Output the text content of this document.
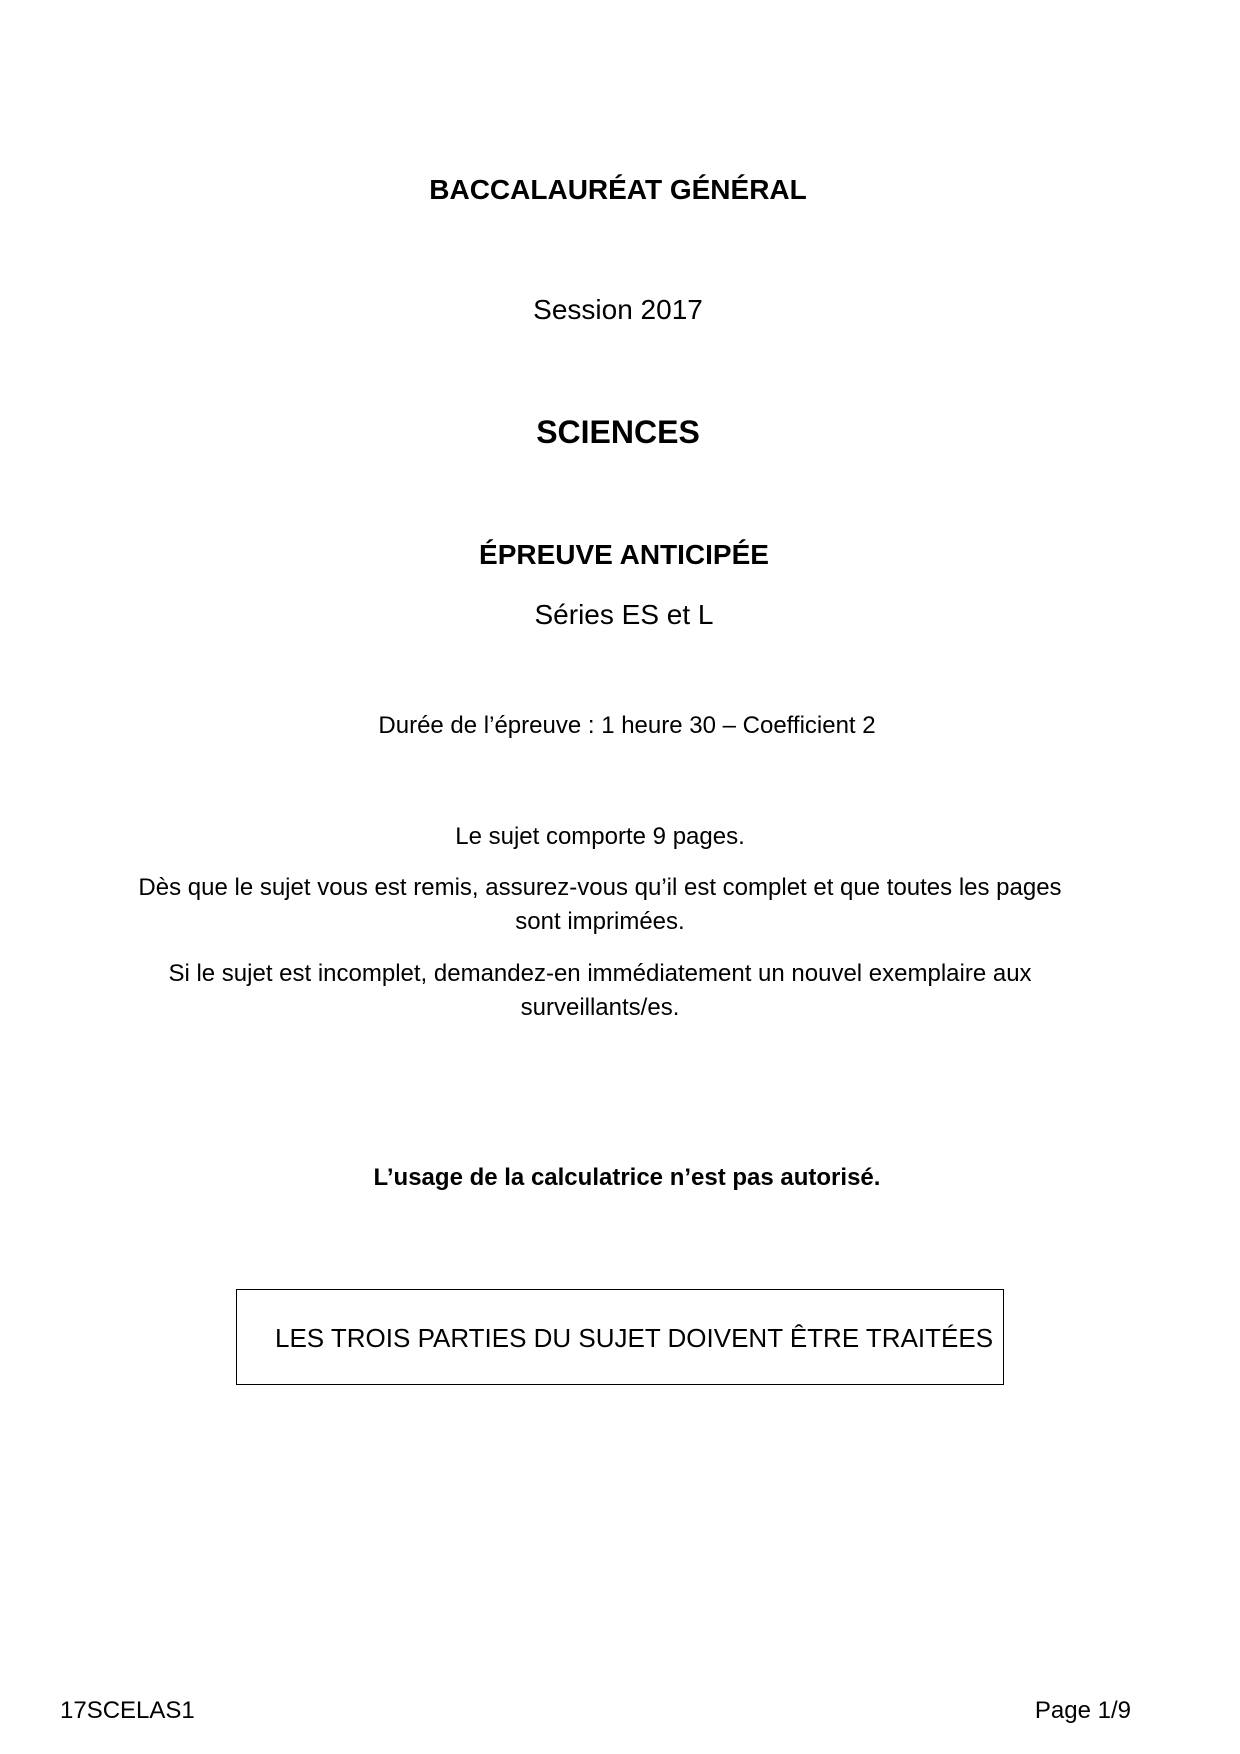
BACCALAURÉAT GÉNÉRAL
Session 2017
SCIENCES
ÉPREUVE ANTICIPÉE
Séries ES et L
Durée de l’épreuve : 1 heure 30 – Coefficient 2
Le sujet comporte 9 pages.
Dès que le sujet vous est remis, assurez-vous qu’il est complet et que toutes les pages sont imprimées.
Si le sujet est incomplet, demandez-en immédiatement un nouvel exemplaire aux surveillants/es.
L’usage de la calculatrice n’est pas autorisé.
LES TROIS PARTIES DU SUJET DOIVENT ÊTRE TRAITÉES
17SCELAS1	Page 1/9
